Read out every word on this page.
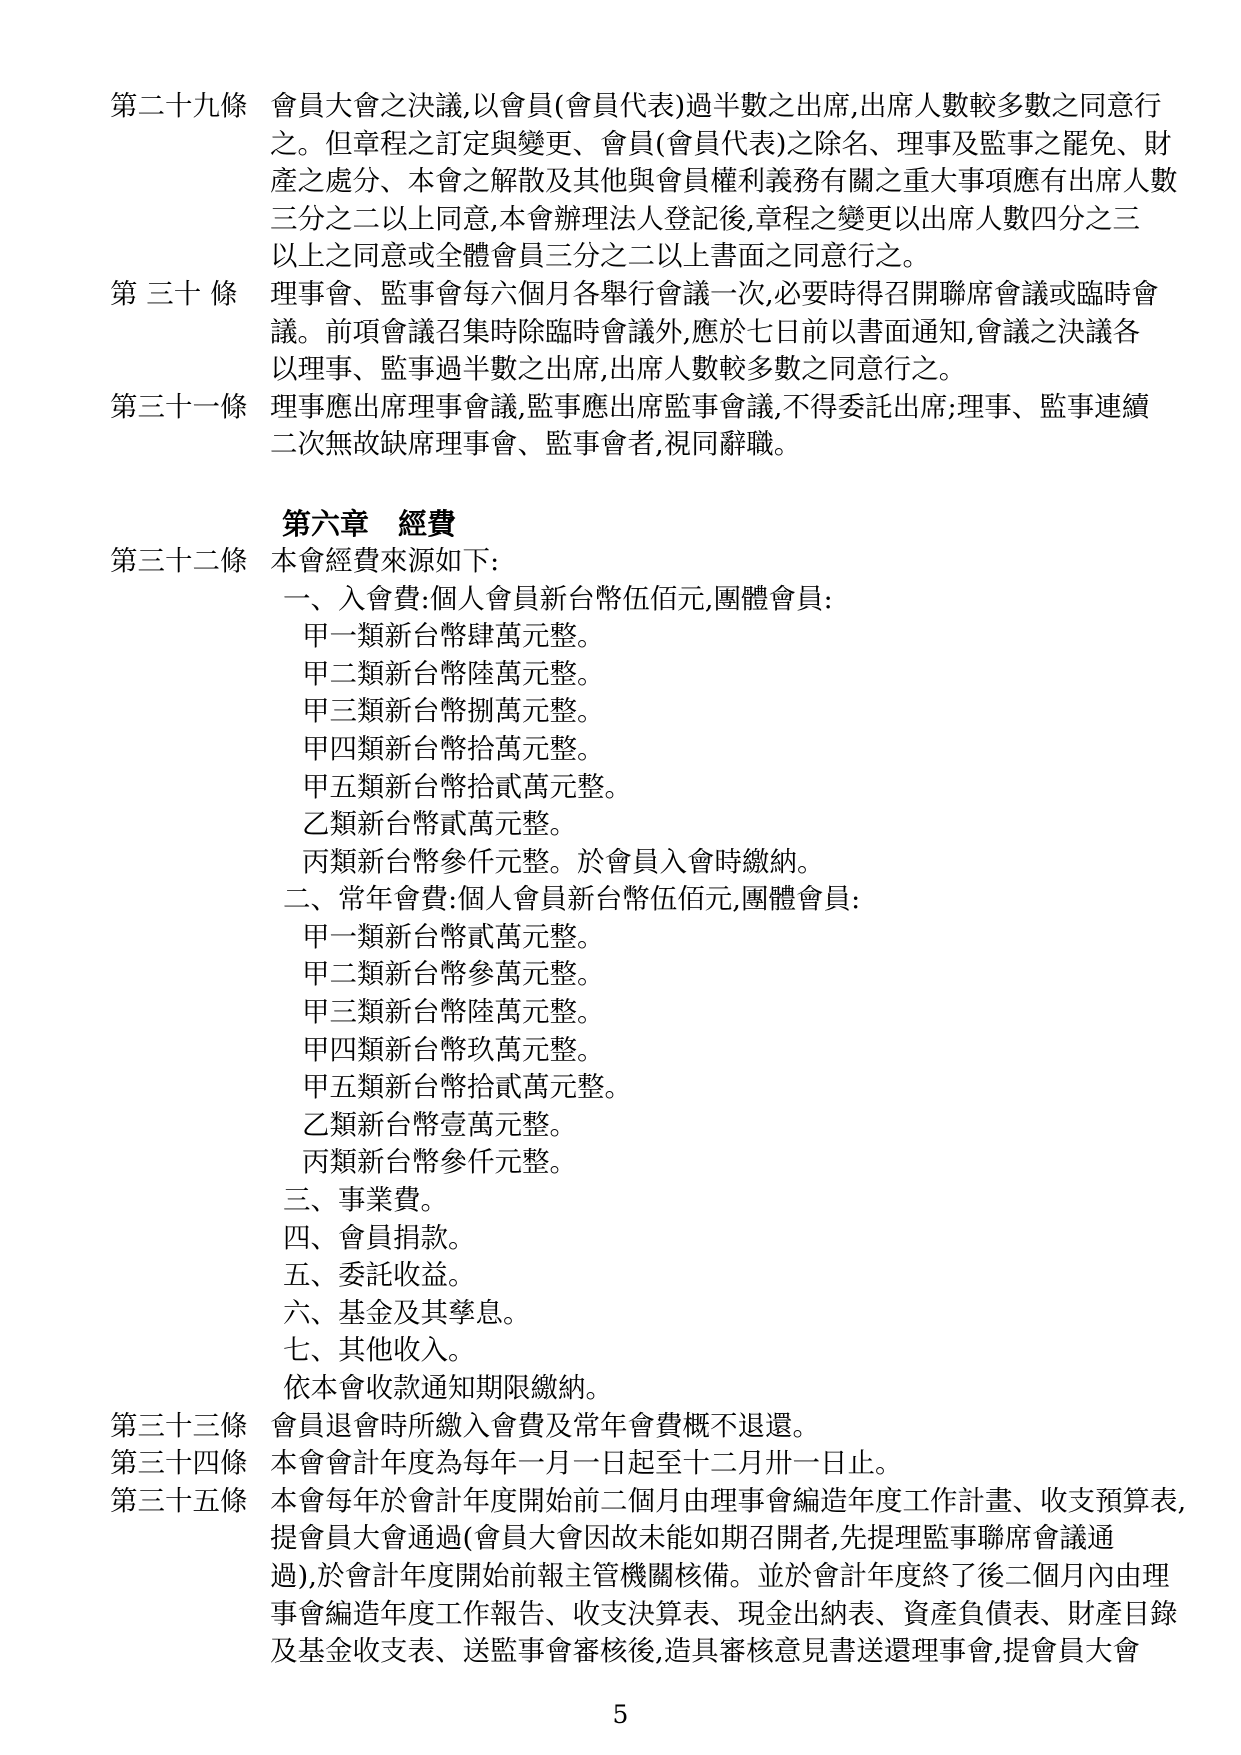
第二十九條 會員大會之決議,以會員(會員代表)過半數之出席,出席人數較多數之同意行
之。但章程之訂定與變更、會員(會員代表)之除名、理事及監事之罷免、財
產之處分、本會之解散及其他與會員權利義務有關之重大事項應有出席人數
三分之二以上同意,本會辦理法人登記後,章程之變更以出席人數四分之三
以上之同意或全體會員三分之二以上書面之同意行之。
第 三十 條	理事會、監事會每六個月各舉行會議一次,必要時得召開聯席會議或臨時會
議。前項會議召集時除臨時會議外,應於七日前以書面通知,會議之決議各
以理事、監事過半數之出席,出席人數較多數之同意行之。
第三十一條 理事應出席理事會議,監事應出席監事會議,不得委託出席;理事、監事連續
二次無故缺席理事會、監事會者,視同辭職。
第六章　經費
第三十二條 本會經費來源如下:
一、入會費:個人會員新台幣伍佰元,團體會員:
甲一類新台幣肆萬元整。
甲二類新台幣陸萬元整。
甲三類新台幣捌萬元整。
甲四類新台幣拾萬元整。
甲五類新台幣拾貳萬元整。
乙類新台幣貳萬元整。
丙類新台幣參仟元整。於會員入會時繳納。
二、常年會費:個人會員新台幣伍佰元,團體會員:
甲一類新台幣貳萬元整。
甲二類新台幣參萬元整。
甲三類新台幣陸萬元整。
甲四類新台幣玖萬元整。
甲五類新台幣拾貳萬元整。
乙類新台幣壹萬元整。
丙類新台幣參仟元整。
三、事業費。
四、會員捐款。
五、委託收益。
六、基金及其孳息。
七、其他收入。
依本會收款通知期限繳納。
第三十三條 會員退會時所繳入會費及常年會費概不退還。
第三十四條 本會會計年度為每年一月一日起至十二月卅一日止。
第三十五條 本會每年於會計年度開始前二個月由理事會編造年度工作計畫、收支預算表,
提會員大會通過(會員大會因故未能如期召開者,先提理監事聯席會議通
過),於會計年度開始前報主管機關核備。並於會計年度終了後二個月內由理
事會編造年度工作報告、收支決算表、現金出納表、資產負債表、財產目錄
及基金收支表、送監事會審核後,造具審核意見書送還理事會,提會員大會
5
